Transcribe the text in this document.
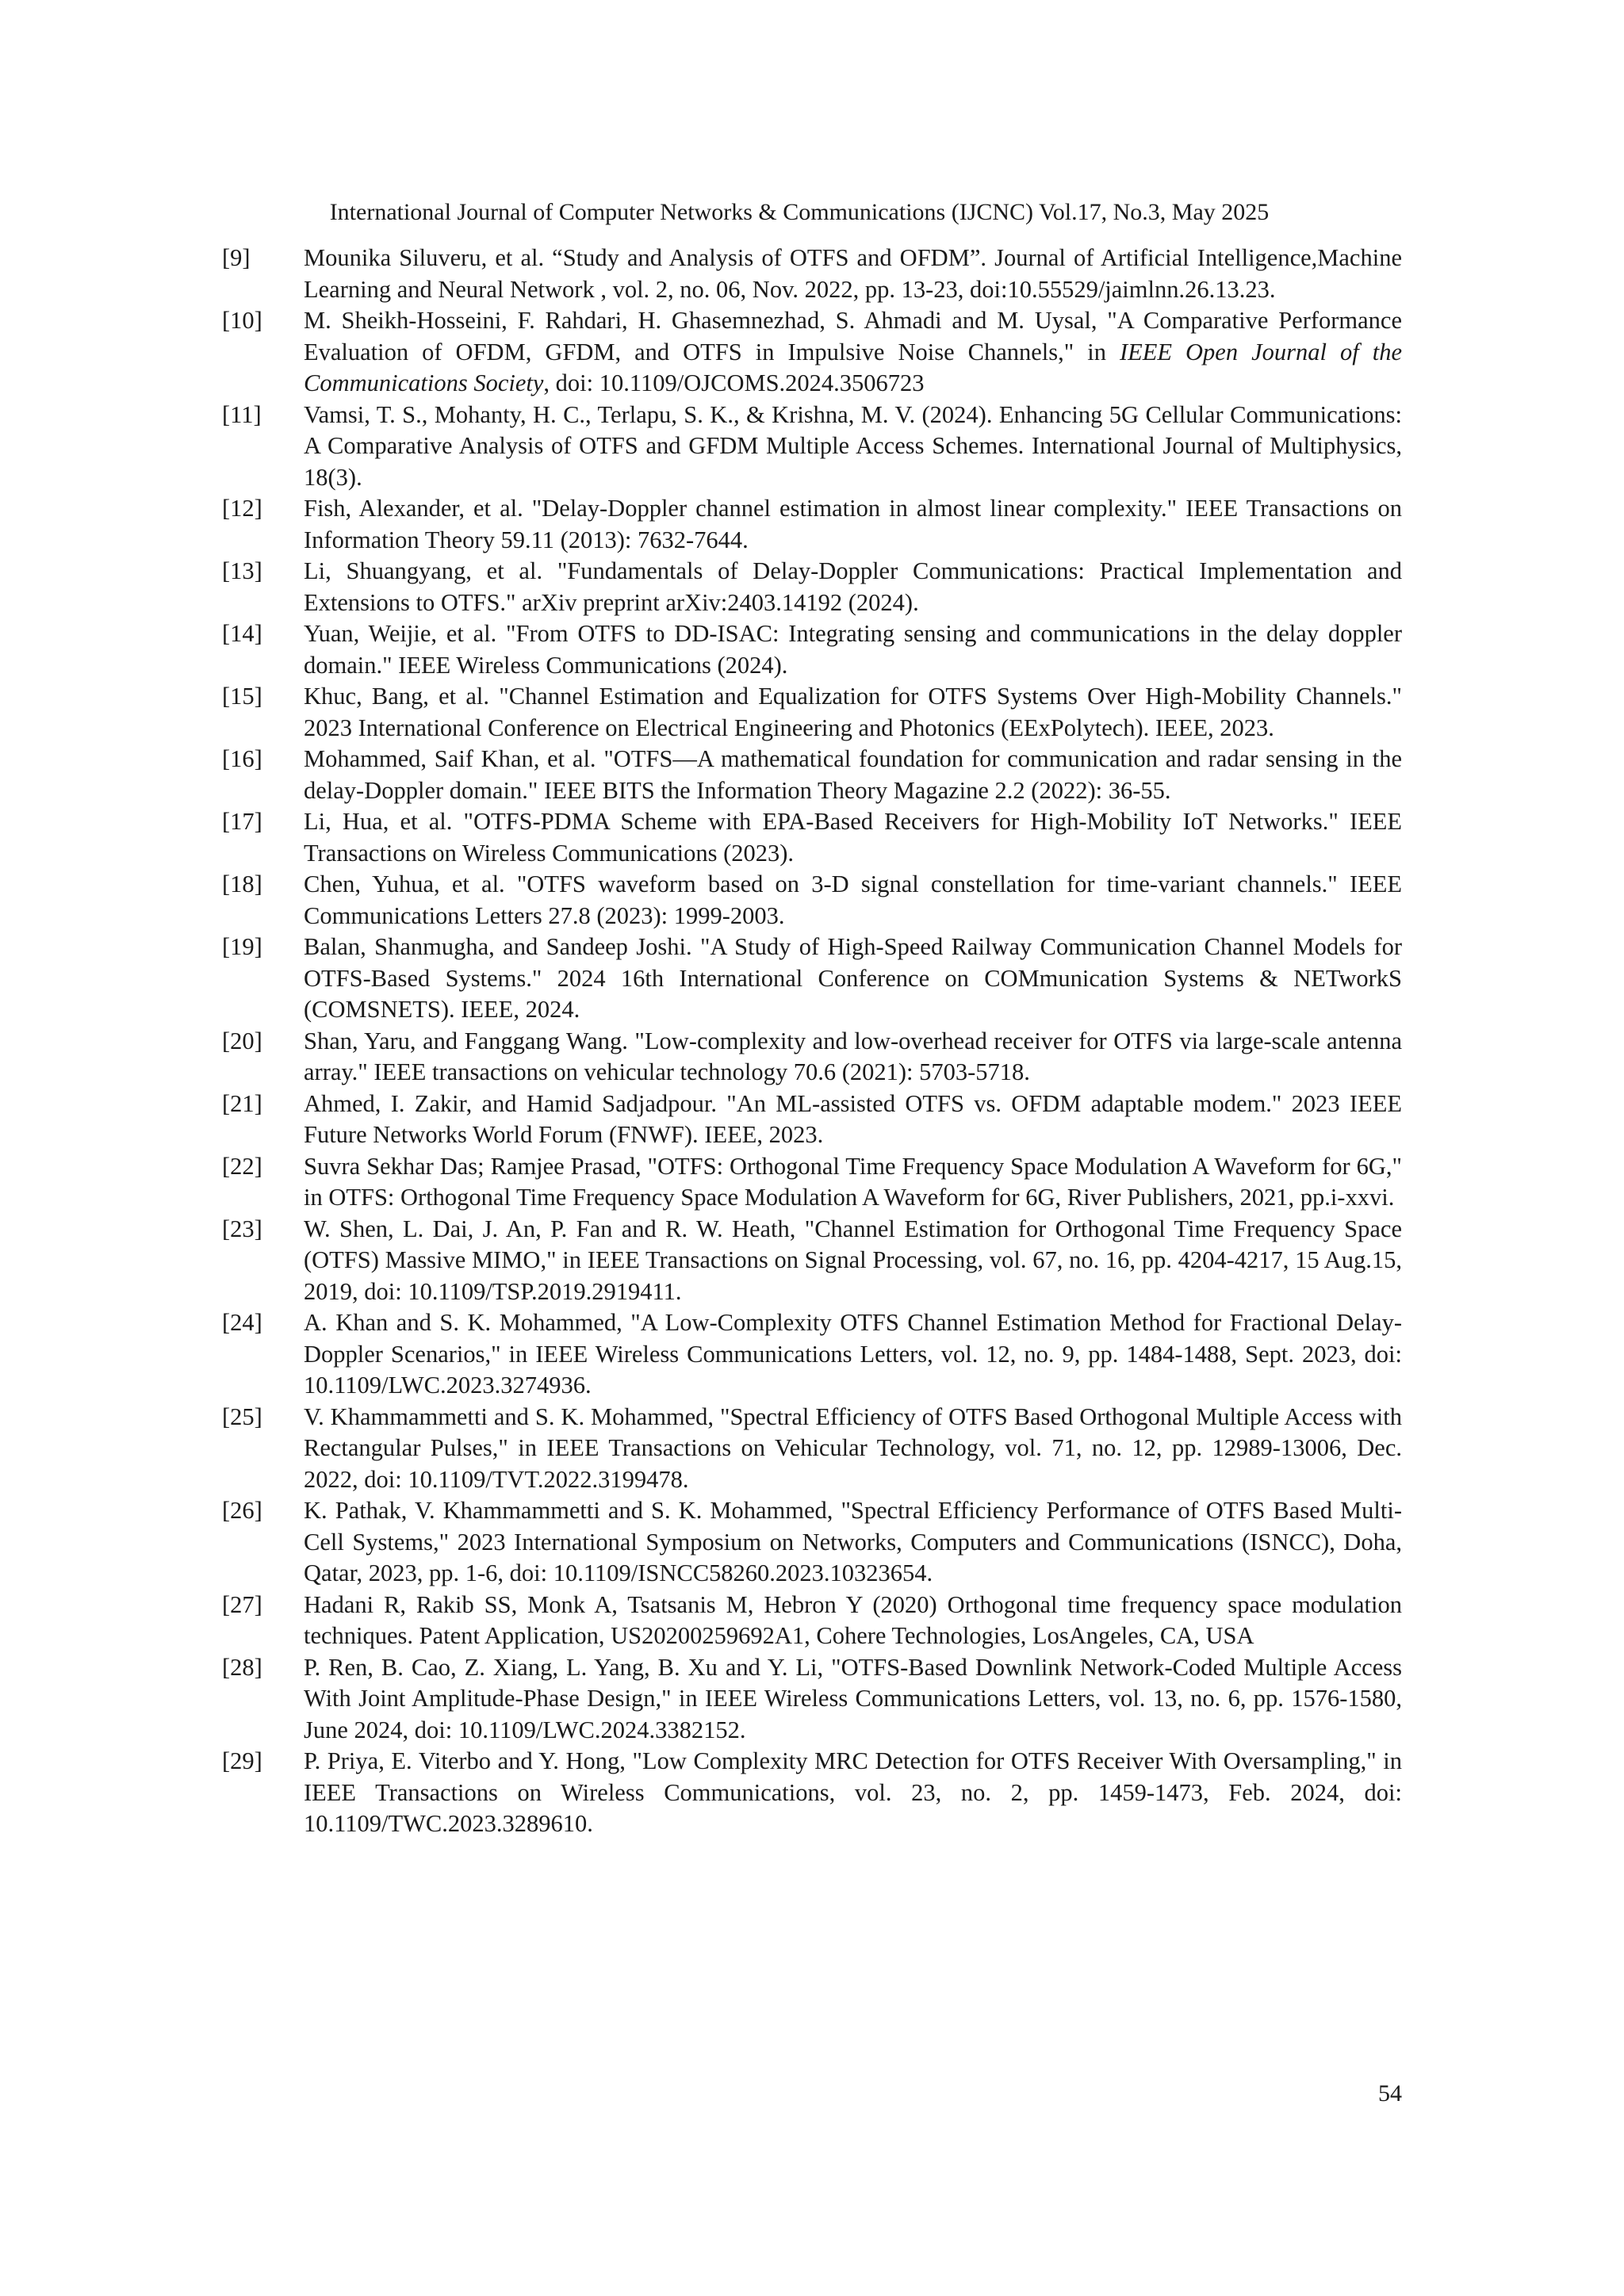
International Journal of Computer Networks & Communications (IJCNC) Vol.17, No.3, May 2025
[9]	Mounika Siluveru, et al. “Study and Analysis of OTFS and OFDM”. Journal of Artificial Intelligence,Machine Learning and Neural Network , vol. 2, no. 06, Nov. 2022, pp. 13-23, doi:10.55529/jaimlnn.26.13.23.
[10]	M. Sheikh-Hosseini, F. Rahdari, H. Ghasemnezhad, S. Ahmadi and M. Uysal, "A Comparative Performance Evaluation of OFDM, GFDM, and OTFS in Impulsive Noise Channels," in IEEE Open Journal of the Communications Society, doi: 10.1109/OJCOMS.2024.3506723
[11]	Vamsi, T. S., Mohanty, H. C., Terlapu, S. K., & Krishna, M. V. (2024). Enhancing 5G Cellular Communications: A Comparative Analysis of OTFS and GFDM Multiple Access Schemes. International Journal of Multiphysics, 18(3).
[12]	Fish, Alexander, et al. "Delay-Doppler channel estimation in almost linear complexity." IEEE Transactions on Information Theory 59.11 (2013): 7632-7644.
[13]	Li, Shuangyang, et al. "Fundamentals of Delay-Doppler Communications: Practical Implementation and Extensions to OTFS." arXiv preprint arXiv:2403.14192 (2024).
[14]	Yuan, Weijie, et al. "From OTFS to DD-ISAC: Integrating sensing and communications in the delay doppler domain." IEEE Wireless Communications (2024).
[15]	Khuc, Bang, et al. "Channel Estimation and Equalization for OTFS Systems Over High-Mobility Channels." 2023 International Conference on Electrical Engineering and Photonics (EExPolytech). IEEE, 2023.
[16]	Mohammed, Saif Khan, et al. "OTFS—A mathematical foundation for communication and radar sensing in the delay-Doppler domain." IEEE BITS the Information Theory Magazine 2.2 (2022): 36-55.
[17]	Li, Hua, et al. "OTFS-PDMA Scheme with EPA-Based Receivers for High-Mobility IoT Networks." IEEE Transactions on Wireless Communications (2023).
[18]	Chen, Yuhua, et al. "OTFS waveform based on 3-D signal constellation for time-variant channels." IEEE Communications Letters 27.8 (2023): 1999-2003.
[19]	Balan, Shanmugha, and Sandeep Joshi. "A Study of High-Speed Railway Communication Channel Models for OTFS-Based Systems." 2024 16th International Conference on COMmunication Systems & NETworkS (COMSNETS). IEEE, 2024.
[20]	Shan, Yaru, and Fanggang Wang. "Low-complexity and low-overhead receiver for OTFS via large-scale antenna array." IEEE transactions on vehicular technology 70.6 (2021): 5703-5718.
[21]	Ahmed, I. Zakir, and Hamid Sadjadpour. "An ML-assisted OTFS vs. OFDM adaptable modem." 2023 IEEE Future Networks World Forum (FNWF). IEEE, 2023.
[22]	Suvra Sekhar Das; Ramjee Prasad, "OTFS: Orthogonal Time Frequency Space Modulation A Waveform for 6G," in OTFS: Orthogonal Time Frequency Space Modulation A Waveform for 6G, River Publishers, 2021, pp.i-xxvi.
[23]	W. Shen, L. Dai, J. An, P. Fan and R. W. Heath, "Channel Estimation for Orthogonal Time Frequency Space (OTFS) Massive MIMO," in IEEE Transactions on Signal Processing, vol. 67, no. 16, pp. 4204-4217, 15 Aug.15, 2019, doi: 10.1109/TSP.2019.2919411.
[24]	A. Khan and S. K. Mohammed, "A Low-Complexity OTFS Channel Estimation Method for Fractional Delay-Doppler Scenarios," in IEEE Wireless Communications Letters, vol. 12, no. 9, pp. 1484-1488, Sept. 2023, doi: 10.1109/LWC.2023.3274936.
[25]	V. Khammammetti and S. K. Mohammed, "Spectral Efficiency of OTFS Based Orthogonal Multiple Access with Rectangular Pulses," in IEEE Transactions on Vehicular Technology, vol. 71, no. 12, pp. 12989-13006, Dec. 2022, doi: 10.1109/TVT.2022.3199478.
[26]	K. Pathak, V. Khammammetti and S. K. Mohammed, "Spectral Efficiency Performance of OTFS Based Multi-Cell Systems," 2023 International Symposium on Networks, Computers and Communications (ISNCC), Doha, Qatar, 2023, pp. 1-6, doi: 10.1109/ISNCC58260.2023.10323654.
[27]	Hadani R, Rakib SS, Monk A, Tsatsanis M, Hebron Y (2020) Orthogonal time frequency space modulation techniques. Patent Application, US20200259692A1, Cohere Technologies, LosAngeles, CA, USA
[28]	P. Ren, B. Cao, Z. Xiang, L. Yang, B. Xu and Y. Li, "OTFS-Based Downlink Network-Coded Multiple Access With Joint Amplitude-Phase Design," in IEEE Wireless Communications Letters, vol. 13, no. 6, pp. 1576-1580, June 2024, doi: 10.1109/LWC.2024.3382152.
[29]	P. Priya, E. Viterbo and Y. Hong, "Low Complexity MRC Detection for OTFS Receiver With Oversampling," in IEEE Transactions on Wireless Communications, vol. 23, no. 2, pp. 1459-1473, Feb. 2024, doi: 10.1109/TWC.2023.3289610.
54
